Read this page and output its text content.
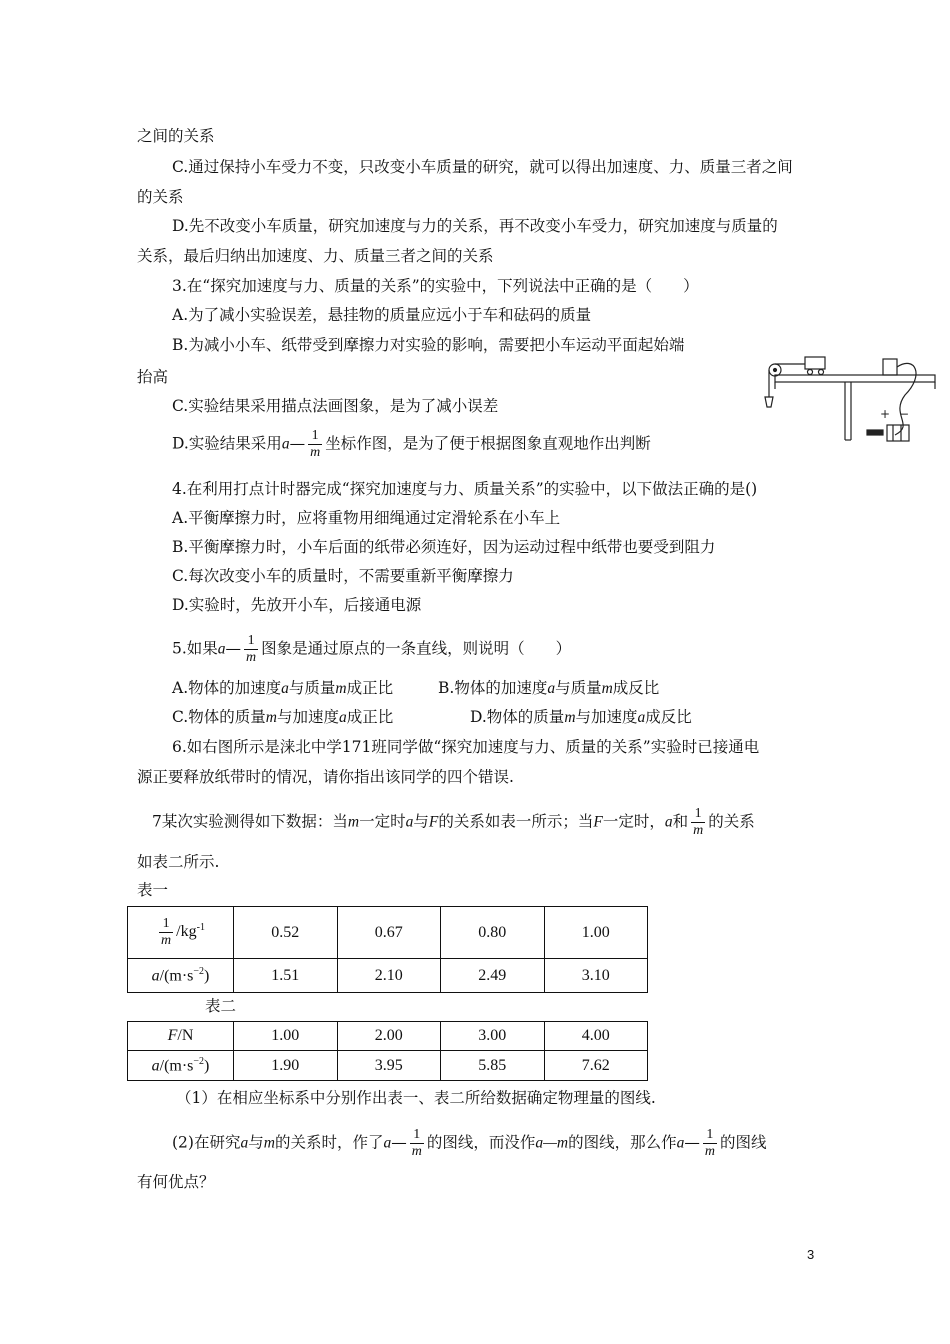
之间的关系
C.通过保持小车受力不变，只改变小车质量的研究，就可以得出加速度、力、质量三者之间
的关系
D.先不改变小车质量，研究加速度与力的关系，再不改变小车受力，研究加速度与质量的
关系，最后归纳出加速度、力、质量三者之间的关系
3.在“探究加速度与力、质量的关系”的实验中，下列说法中正确的是（　　）
A.为了减小实验误差，悬挂物的质量应远小于车和砝码的质量
B.为减小小车、纸带受到摩擦力对实验的影响，需要把小车运动平面起始端
抬高
C.实验结果采用描点法画图象，是为了减小误差
D.实验结果采用a— $\frac{1}{m}$ 坐标作图，是为了便于根据图象直观地作出判断
+ −
4.在利用打点计时器完成“探究加速度与力、质量关系”的实验中，以下做法正确的是()
A.平衡摩擦力时，应将重物用细绳通过定滑轮系在小车上
B.平衡摩擦力时，小车后面的纸带必须连好，因为运动过程中纸带也要受到阻力
C.每次改变小车的质量时，不需要重新平衡摩擦力
D.实验时，先放开小车，后接通电源
5.如果a— $\frac{1}{m}$ 图象是通过原点的一条直线，则说明（　　）
A.物体的加速度a与质量m成正比	B.物体的加速度a与质量m成反比
C.物体的质量m与加速度a成正比	D.物体的质量m与加速度a成反比
6.如右图所示是涞北中学171班同学做“探究加速度与力、质量的关系”实验时已接通电
源正要释放纸带时的情况，请你指出该同学的四个错误.
7某次实验测得如下数据：当m一定时a与F的关系如表一所示；当F一定时，a和 $\frac{1}{m}$ 的关系
如表二所示.
表一
$\frac{1}{m} /kg^{-1}$	0.52	0.67	0.80	1.00
$a/(m\cdot s^{-2})$	1.51	2.10	2.49	3.10
表二
F/N	1.00	2.00	3.00	4.00
$a/(m\cdot s^{-2})$	1.90	3.95	5.85	7.62
（1）在相应坐标系中分别作出表一、表二所给数据确定物理量的图线.
(2)在研究a与m的关系时，作了a— $\frac{1}{m}$ 的图线，而没作a—m的图线，那么作a— $\frac{1}{m}$ 的图线
有何优点？
3
